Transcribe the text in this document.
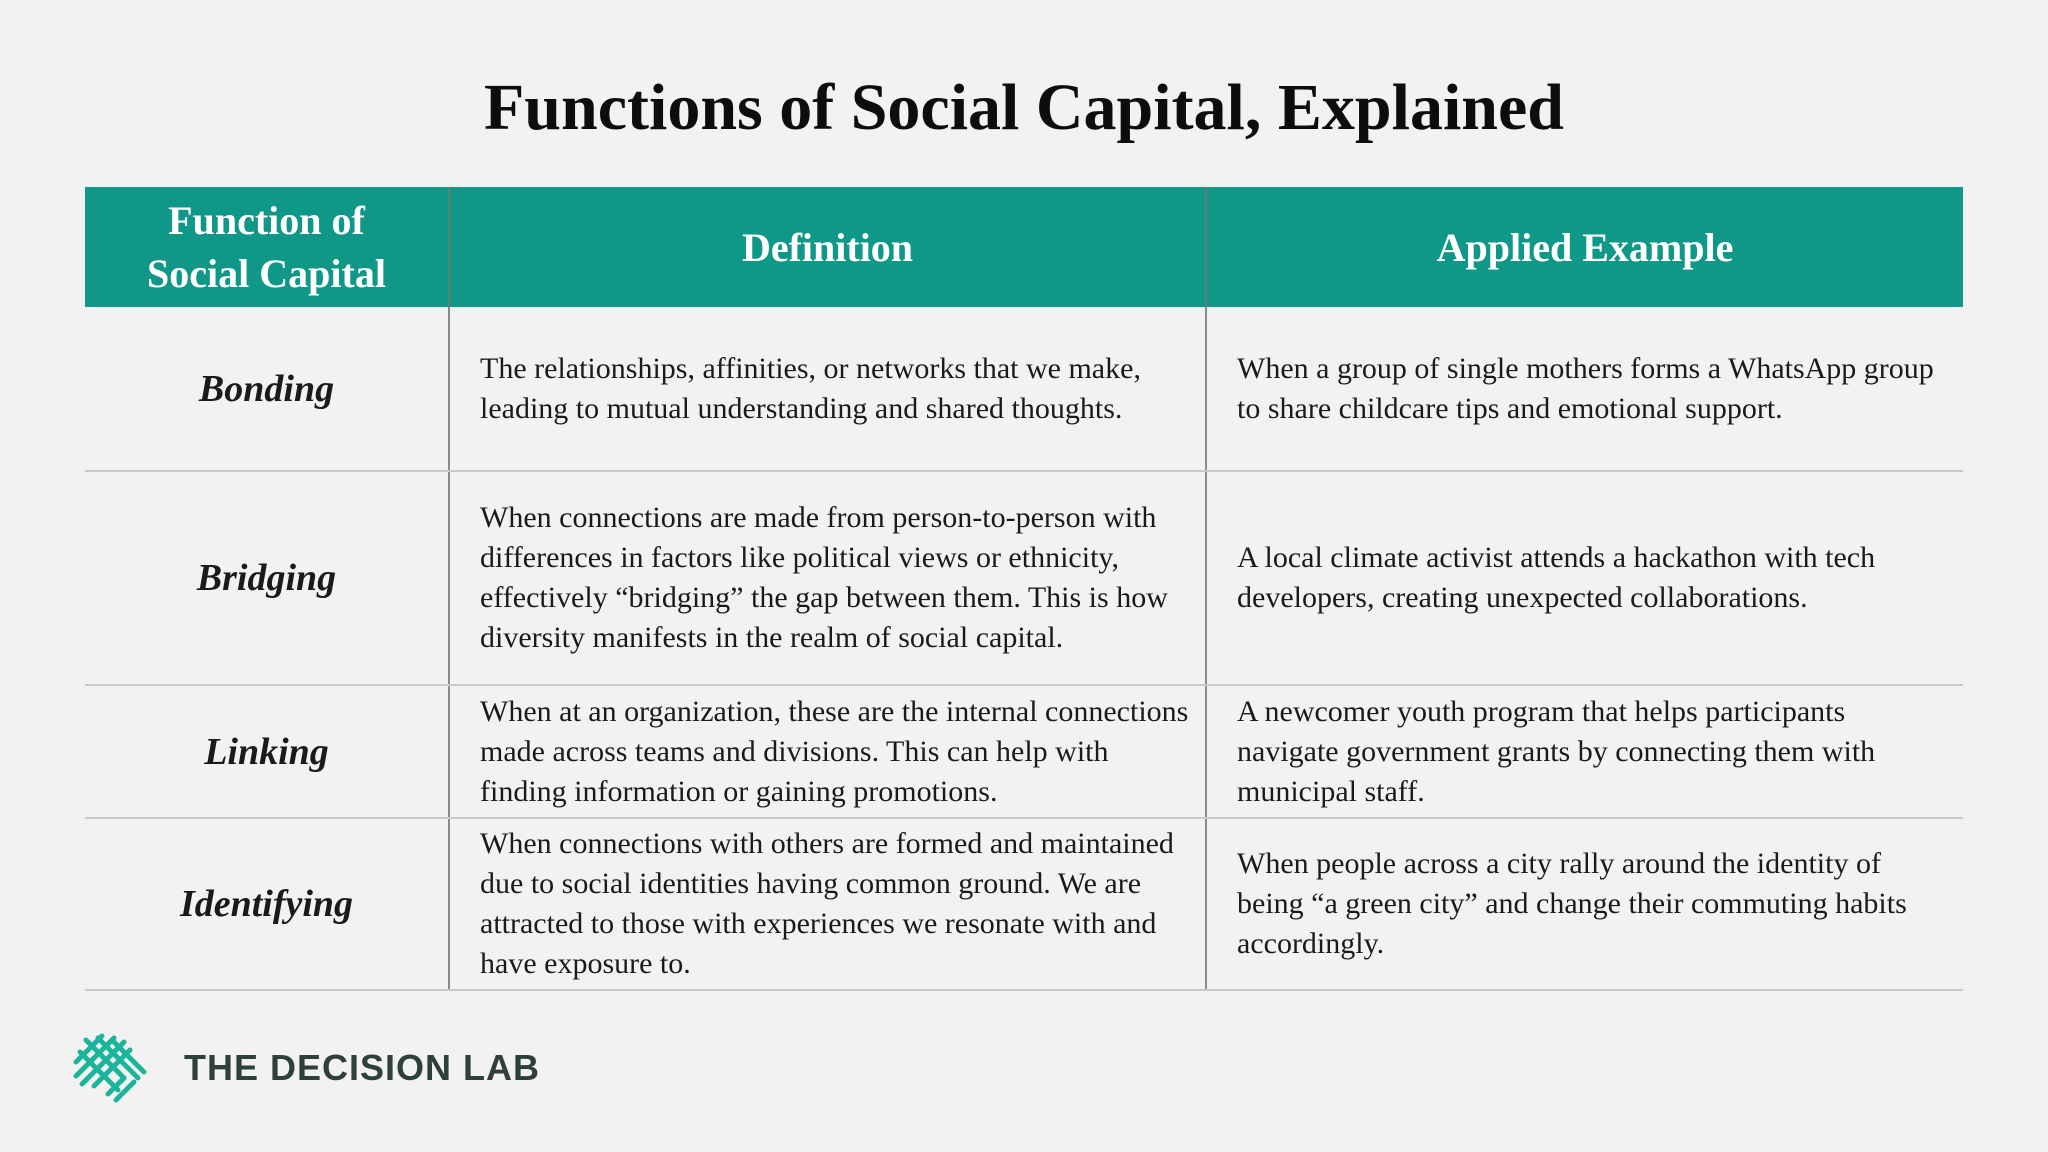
Functions of Social Capital, Explained
Function of Social Capital
Definition	Applied Example
Bonding	The relationships, affinities, or networks that we make, leading to mutual understanding and shared thoughts.
When a group of single mothers forms a WhatsApp group to share childcare tips and emotional support.
Bridging
When connections are made from person-to-person with differences in factors like political views or ethnicity, effectively “bridging” the gap between them. This is how diversity manifests in the realm of social capital.
A local climate activist attends a hackathon with tech developers, creating unexpected collaborations.
Linking
When at an organization, these are the internal connections made across teams and divisions. This can help with finding information or gaining promotions.
A newcomer youth program that helps participants navigate government grants by connecting them with municipal staff.
Identifying
When connections with others are formed and maintained due to social identities having common ground. We are attracted to those with experiences we resonate with and have exposure to.
When people across a city rally around the identity of being “a green city” and change their commuting habits accordingly.
THE DECISION LAB
